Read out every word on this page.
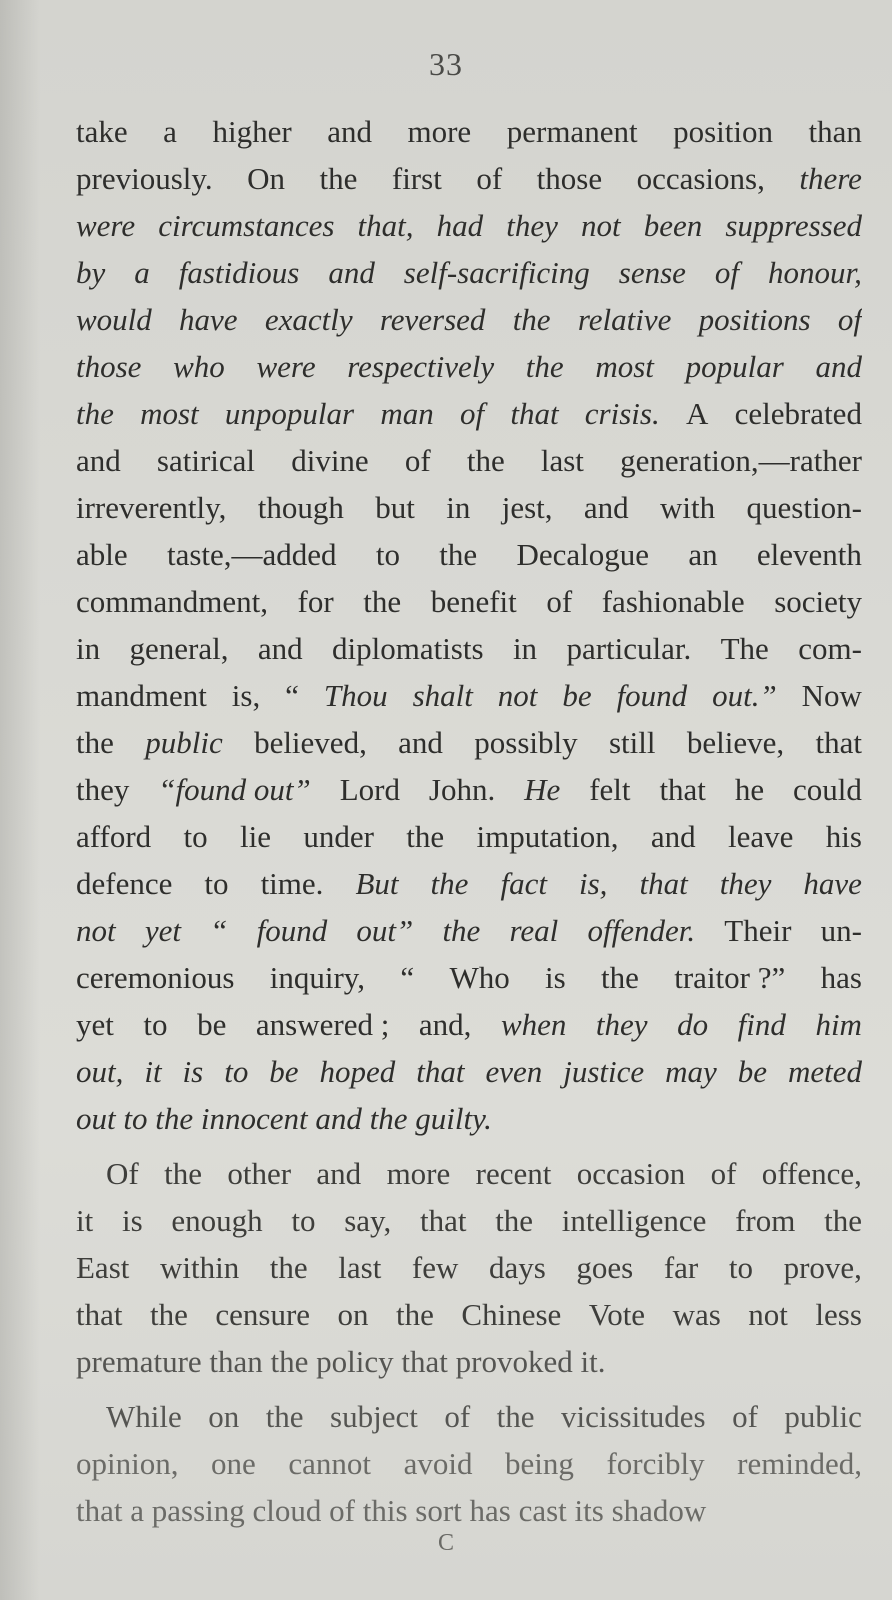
33
take a higher and more permanent position than
previously. On the first of those occasions, there
were circumstances that, had they not been suppressed
by a fastidious and self-sacrificing sense of honour,
would have exactly reversed the relative positions of
those who were respectively the most popular and
the most unpopular man of that crisis. A celebrated
and satirical divine of the last generation,—rather
irreverently, though but in jest, and with question-
able taste,—added to the Decalogue an eleventh
commandment, for the benefit of fashionable society
in general, and diplomatists in particular. The com-
mandment is, “ Thou shalt not be found out.” Now
the public believed, and possibly still believe, that
they “found out” Lord John. He felt that he could
afford to lie under the imputation, and leave his
defence to time. But the fact is, that they have
not yet “ found out” the real offender. Their un-
ceremonious inquiry, “ Who is the traitor ?” has
yet to be answered ; and, when they do find him
out, it is to be hoped that even justice may be meted
out
to
the
innocent
and
the
guilty.
Of the other and more recent occasion of offence,
it is enough to say, that the intelligence from the
East within the last few days goes far to prove,
that the censure on the Chinese Vote was not less
premature
than
the
policy
that
provoked
it.
While on the subject of the vicissitudes of public
opinion, one cannot avoid being forcibly reminded,
that
a
passing
cloud
of
this
sort
has
cast
its
shadow
C
